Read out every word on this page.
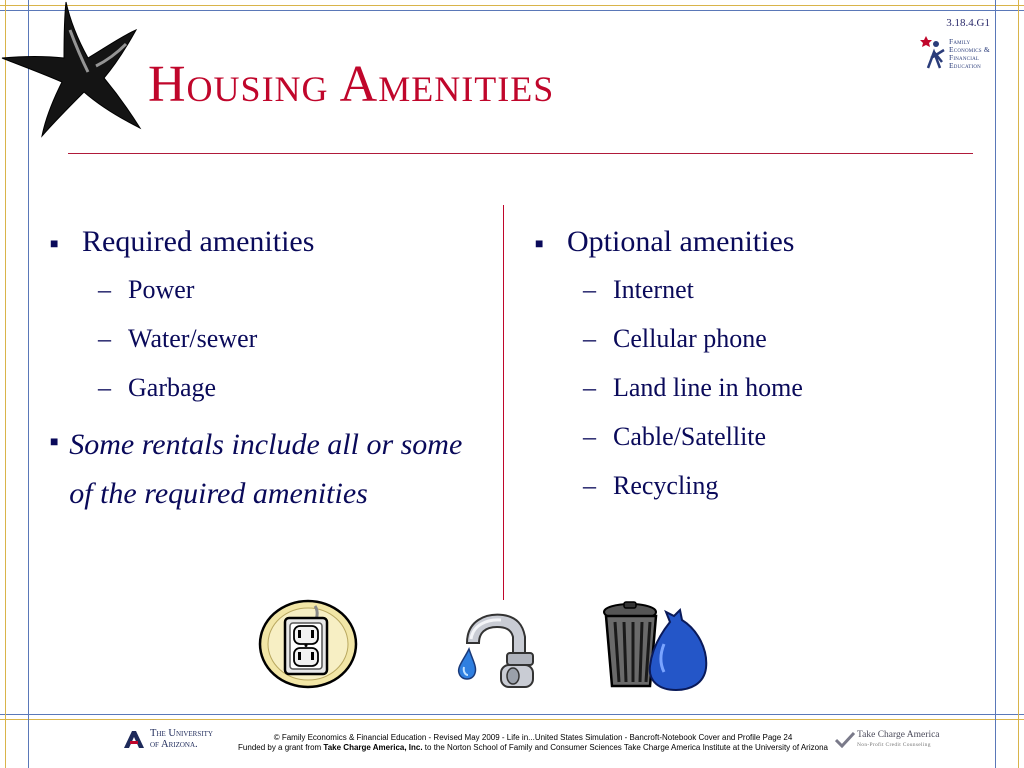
3.18.4.G1
Family
Economics &
Financial
Education
Housing Amenities
■ Required amenities
– Power
– Water/sewer
– Garbage
■ Some rentals include all or some of the required amenities
■ Optional amenities
– Internet
– Cellular phone
– Land line in home
– Cable/Satellite
– Recycling
The University
of Arizona.
© Family Economics & Financial Education - Revised May 2009 - Life in...United States Simulation - Bancroft-Notebook Cover and Profile Page 24
Funded by a grant from Take Charge America, Inc. to the Norton School of Family and Consumer Sciences Take Charge America Institute at the University of Arizona
Take Charge America
Non-Profit Credit Counseling
